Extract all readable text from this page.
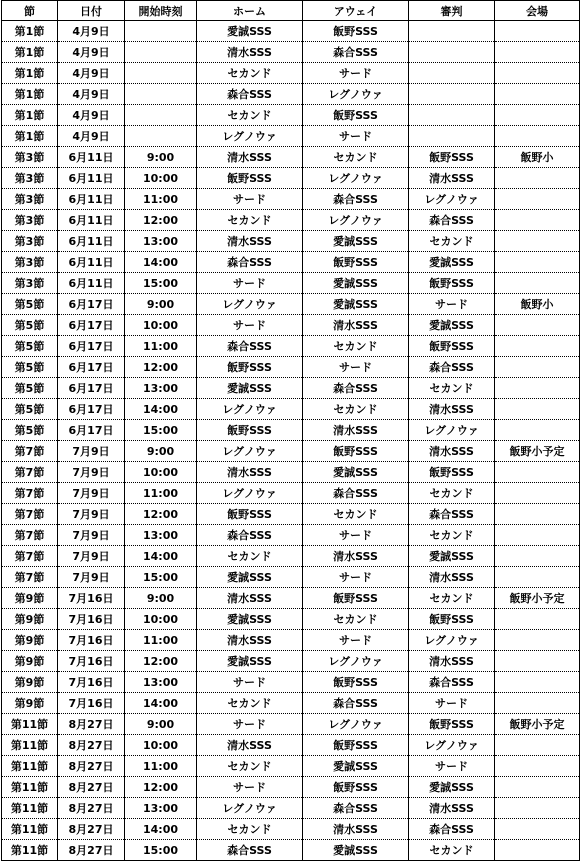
節	日付	開始時刻	ホーム	アウェイ	審判	会場
第1節	4月9日		愛誠SSS	飯野SSS		
第1節	4月9日		清水SSS	森合SSS		
第1節	4月9日		セカンド	サード		
第1節	4月9日		森合SSS	レグノウァ		
第1節	4月9日		セカンド	飯野SSS		
第1節	4月9日		レグノウァ	サード		
第3節	6月11日	9:00	清水SSS	セカンド	飯野SSS	飯野小
第3節	6月11日	10:00	飯野SSS	レグノウァ	清水SSS	
第3節	6月11日	11:00	サード	森合SSS	レグノウァ	
第3節	6月11日	12:00	セカンド	レグノウァ	森合SSS	
第3節	6月11日	13:00	清水SSS	愛誠SSS	セカンド	
第3節	6月11日	14:00	森合SSS	飯野SSS	愛誠SSS	
第3節	6月11日	15:00	サード	愛誠SSS	飯野SSS	
第5節	6月17日	9:00	レグノウァ	愛誠SSS	サード	飯野小
第5節	6月17日	10:00	サード	清水SSS	愛誠SSS	
第5節	6月17日	11:00	森合SSS	セカンド	飯野SSS	
第5節	6月17日	12:00	飯野SSS	サード	森合SSS	
第5節	6月17日	13:00	愛誠SSS	森合SSS	セカンド	
第5節	6月17日	14:00	レグノウァ	セカンド	清水SSS	
第5節	6月17日	15:00	飯野SSS	清水SSS	レグノウァ	
第7節	7月9日	9:00	レグノウァ	飯野SSS	清水SSS	飯野小予定
第7節	7月9日	10:00	清水SSS	愛誠SSS	飯野SSS	
第7節	7月9日	11:00	レグノウァ	森合SSS	セカンド	
第7節	7月9日	12:00	飯野SSS	セカンド	森合SSS	
第7節	7月9日	13:00	森合SSS	サード	セカンド	
第7節	7月9日	14:00	セカンド	清水SSS	愛誠SSS	
第7節	7月9日	15:00	愛誠SSS	サード	清水SSS	
第9節	7月16日	9:00	清水SSS	飯野SSS	セカンド	飯野小予定
第9節	7月16日	10:00	愛誠SSS	セカンド	飯野SSS	
第9節	7月16日	11:00	清水SSS	サード	レグノウァ	
第9節	7月16日	12:00	愛誠SSS	レグノウァ	清水SSS	
第9節	7月16日	13:00	サード	飯野SSS	森合SSS	
第9節	7月16日	14:00	セカンド	森合SSS	サード	
第11節	8月27日	9:00	サード	レグノウァ	飯野SSS	飯野小予定
第11節	8月27日	10:00	清水SSS	飯野SSS	レグノウァ	
第11節	8月27日	11:00	セカンド	愛誠SSS	サード	
第11節	8月27日	12:00	サード	飯野SSS	愛誠SSS	
第11節	8月27日	13:00	レグノウァ	森合SSS	清水SSS	
第11節	8月27日	14:00	セカンド	清水SSS	森合SSS	
第11節	8月27日	15:00	森合SSS	愛誠SSS	セカンド	
